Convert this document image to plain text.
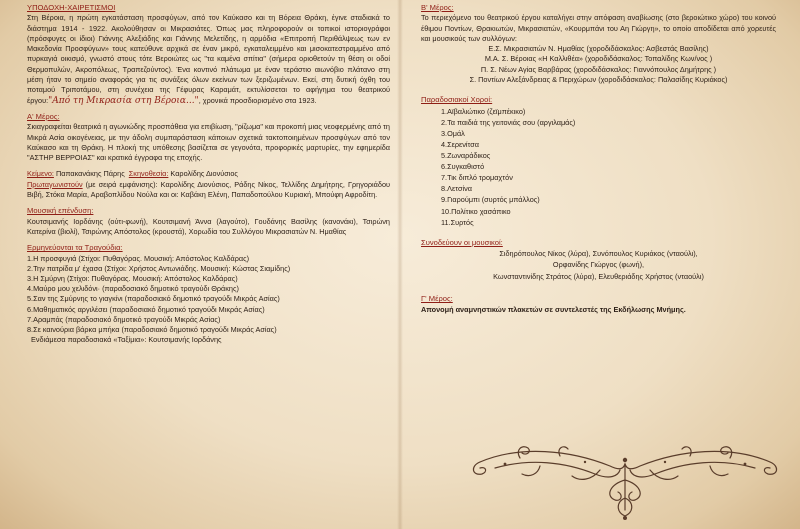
ΥΠΟΔΟΧΗ-ΧΑΙΡΕΤΙΣΜΟΙ

Στη Βέροια, η πρώτη εγκατάσταση προσφύγων, από τον Καύκασο και τη Βόρεια Θράκη, έγινε σταδιακά το διάστημα 1914 - 1922. Ακολούθησαν οι Μικρασιάτες. Όπως μας πληροφορούν οι τοπικοί ιστοριογράφοι (πρόσφυγες οι ίδιοι) Γιάννης Αλεξιάδης και Γιάννης Μελετίδης, η αρμόδια «Επιτροπή Περιθάλψεως των εν Μακεδονία Προσφύγων» τους κατεύθυνε αρχικά σε έναν μικρό, εγκαταλειμμένο και μισοκατεστραμμένο από πυρκαγιά οικισμό, γνωστό στους τότε Βεροιώτες ως "τα καμένα σπίτια" (σήμερα οριοθετούν τη θέση οι οδοί Θερμοπυλών, Ακροπόλεως, Τραπεζούντος). Ένα κοντινό πλάτωμα με έναν τεράστιο αιωνόβιο πλάτανο στη μέση ήταν το σημείο αναφοράς για τις συνάξεις όλων εκείνων των ξεριζωμένων. Εκεί, στη δυτική όχθη του ποταμού Τριποτάμου, στη συνέχεια της Γέφυρας Καραμάτ, εκτυλίσσεται το αφήγημα του θεατρικού έργου:"Από τη Μικρασία στη Βέροια...", χρονικά προσδιορισμένο στα 1923.

Α' Μέρος:

Σκιαγραφείται θεατρικά η αγωνιώδης προσπάθεια για επιβίωση, "ρίζωμα" και προκοπή μιας νεοφερμένης από τη Μικρά Ασία οικογένειας, με την άδολη συμπαράσταση κάποιων σχετικά τακτοποιημένων προσφύγων από τον Καύκασο και τη Θράκη. Η πλοκή της υπόθεσης βασίζεται σε γεγονότα, προφορικές μαρτυρίες, την εφημερίδα "ΑΣΤΗΡ ΒΕΡΡΟΙΑΣ" και κρατικά έγγραφα της εποχής.

Κείμενο: Παπακανάκης Πάρης Σκηνοθεσία: Καρολίδης Διονύσιος

Πρωταγωνιστούν (με σειρά εμφάνισης): Καρολίδης Διονύσιος, Ράδης Νίκος, Τελλίδης Δημήτρης, Γρηγοριάδου Βιβή, Στόκα Μαρία, Αραβοπλίδου Νούλα και οι: Καβάκη Ελένη, Παπαδοπούλου Κυριακή, Μπούφη Αφροδίτη.

Μουσική επένδυση:

Κουτσιμανής Ιορδάνης (ούτι-φωνή), Κουτσιμανή Άννα (λαγούτο), Γουδάνης Βασίλης (κανονάκι), Τσιρώνη Κατερίνα (βιολί), Τσιρώνης Απόστολος (κρουστά), Χορωδία του Συλλόγου Μικρασιατών Ν. Ημαθίας

Ερμηνεύονται τα Τραγούδια:
1.Η προσφυγιά (Στίχοι: Πυθαγόρας. Μουσική: Απόστολος Καλδάρας)
2.Την πατρίδα μ' έχασα (Στίχοι: Χρήστος Αντωνιάδης. Μουσική: Κώστας Σιαμίδης)
3.Η Σμύρνη (Στίχοι: Πυθαγόρας. Μουσική: Απόστολος Καλδάρας)
4.Μαύρο μου χελιδόνι· (παραδοσιακό δημοτικό τραγούδι Θράκης)
5.Σαν της Σμύρνης το γιαγκίνι (παραδοσιακό δημοτικό τραγούδι Μικράς Ασίας)
6.Μαθηματικός αργιλέσει (παραδοσιακό δημοτικό τραγούδι Μικράς Ασίας)
7.Αραμπάς (παραδοσιακό δημοτικό τραγούδι Μικράς Ασίας)
8.Σε καινούρια βάρκα μπήκα (παραδοσιακό δημοτικό τραγούδι Μικράς Ασίας)
Ενδιάμεσα παραδοσιακά «Ταξίμια»: Κουτσιμανής Ιορδάνης
Β' Μέρος:

Το περιεχόμενο του θεατρικού έργου καταλήγει στην απόφαση αναβίωσης (στο βεροιώτικο χώρο) του κοινού έθιμου Ποντίων, Θρακιωτών, Μικρασιατών, «Κουρμπάνι του Αη Γιώργη», το οποίο αποδίδεται από χορευτές και μουσικούς των συλλόγων:

Ε.Σ. Μικρασιατών Ν. Ημαθίας (χοροδιδάσκαλος: Ασβεστάς Βασίλης)
Μ.Α. Σ. Βέροιας «Η Καλλιθέα» (χοροδιδάσκαλος: Τοπαλίδης Κων/νος )
Π. Σ. Νέων Αγίας Βαρβάρας (χοροδιδάσκαλος: Γιαννόπουλος Δημήτρης )
Σ. Ποντίων Αλεξάνδρειας & Περιχώρων (χοροδιδάσκαλος: Παλασίδης Κυριάκος)
Παραδοσιακοί Χοροί:
1.Αϊβαλιώτικο (ζεϊμπέκικο)
2.Τα παιδιά της γειτονιάς σου (αργιλαμάς)
3.Ομάλ
4.Σερενίτσα
5.Ζωναράδικος
6.Συγκαθιστό
7.Τικ διπλό τρομαχτόν
8.Λετσίνα
9.Γιαρούμπι (συρτός μπάλλος)
10.Πολίτικο χασάπικο
11.Συρτός
Συνοδεύουν οι μουσικοί:
Σιδηρόπουλος Νίκος (λύρα), Συνόπουλος Κυριάκος (νταούλι),
Ορφανίδης Γιώργος (φωνή),
Κωνσταντινίδης Στράτος (λύρα), Ελευθεριάδης Χρήστος (νταούλι)
Γ' Μέρος:

Απονομή αναμνηστικών πλακετών σε συντελεστές της Εκδήλωσης Μνήμης.
